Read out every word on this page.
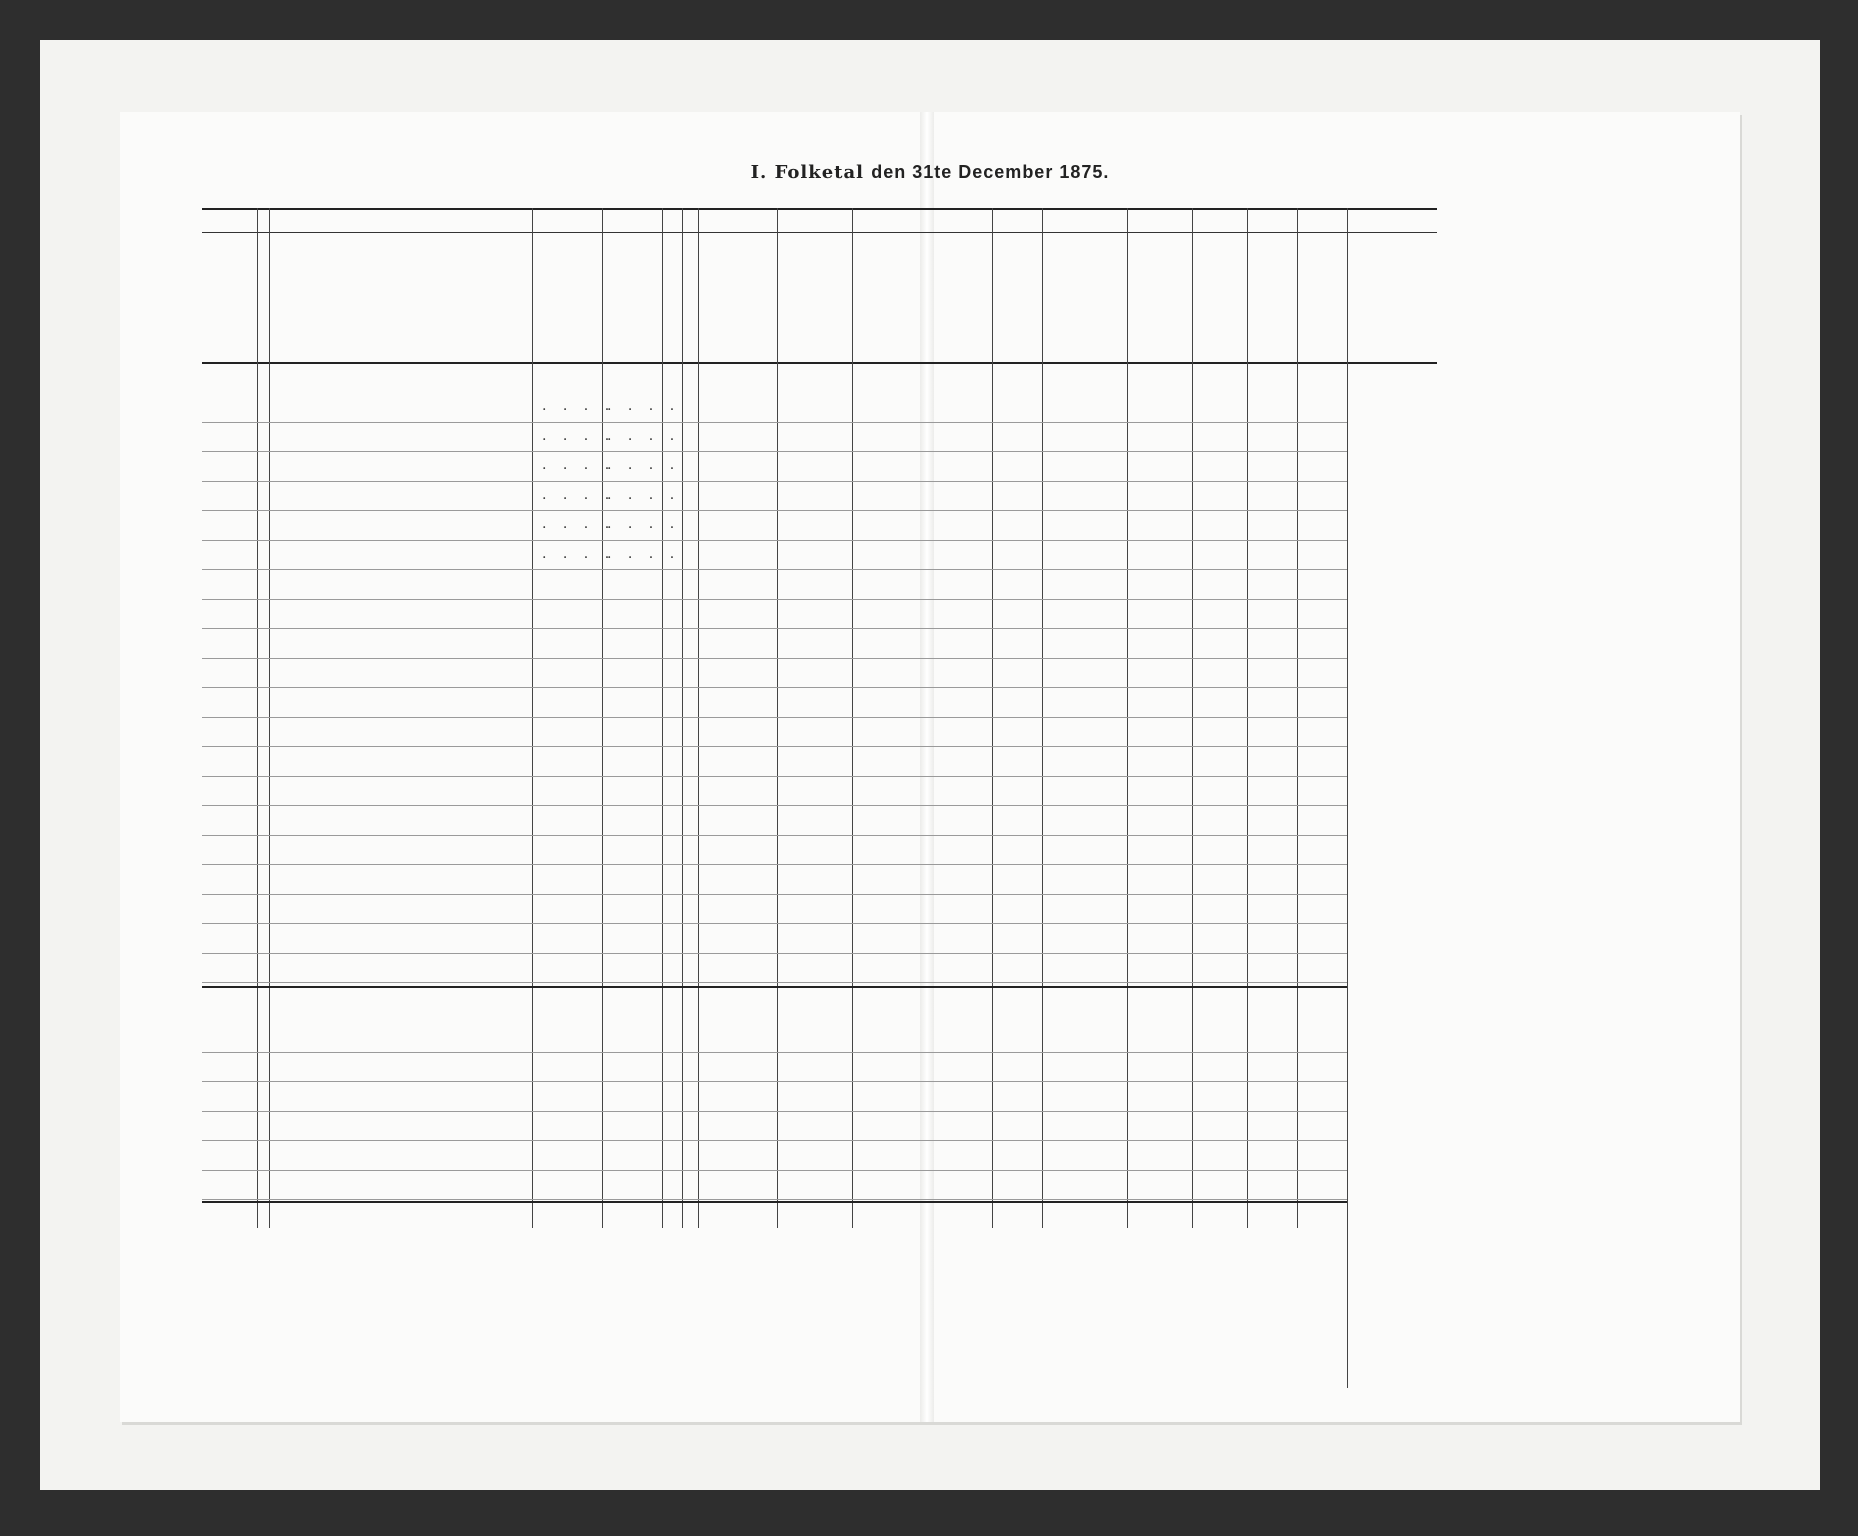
I. Folketal den 31te December 1875.
. . . .
. . . .
. . . .
. . . .
. . . .
. . . .
. . . .
. . . .
. . . .
. . . .
. . . .
. . . .
